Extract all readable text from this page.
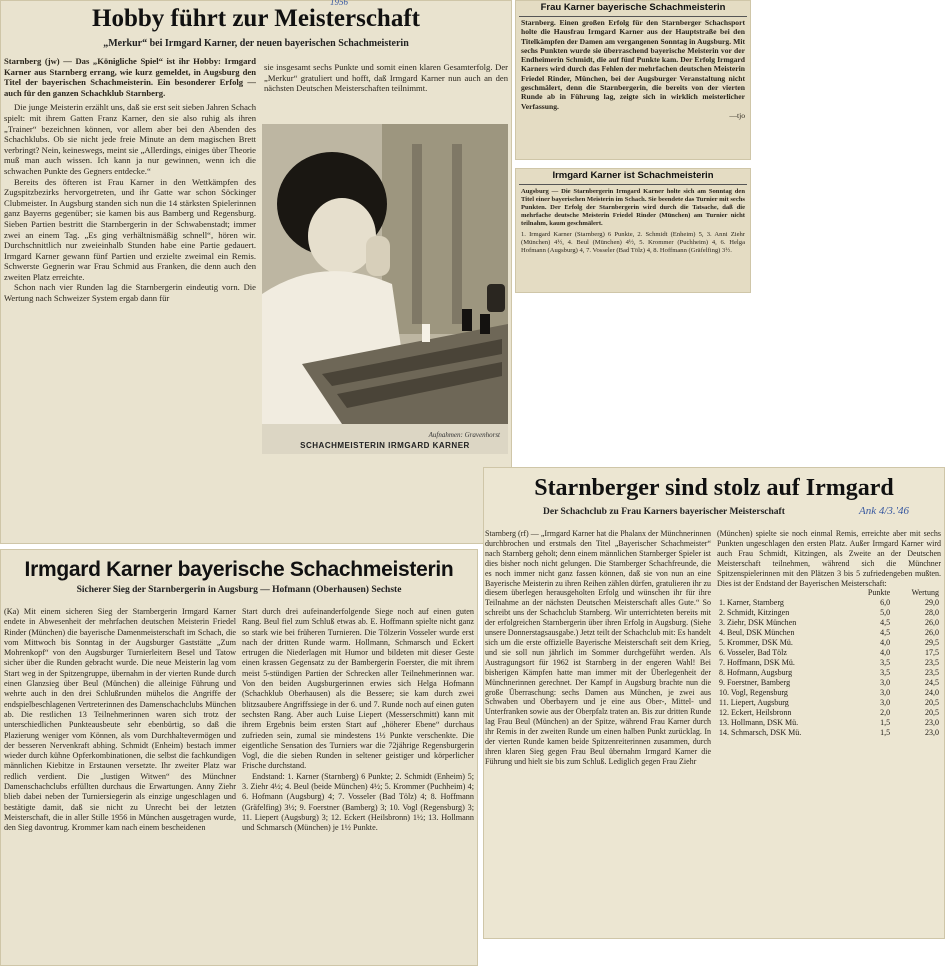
Hobby führt zur Meisterschaft

1956

„Merkur“ bei Irmgard Karner, der neuen bayerischen Schachmeisterin

Starnberg (jw) — Das „Königliche Spiel“ ist ihr Hobby: Irmgard Karner aus Starnberg errang, wie kurz gemeldet, in Augsburg den Titel der bayerischen Schachmeisterin. Ein besonderer Erfolg — auch für den ganzen Schachklub Starnberg.

Die junge Meisterin erzählt uns, daß sie erst seit sieben Jahren Schach spielt: mit ihrem Gatten Franz Karner, den sie also ruhig als ihren „Trainer“ bezeichnen können, vor allem aber bei den Abenden des Schachklubs. Ob sie nicht jede freie Minute an dem magischen Brett verbringt? Nein, keineswegs, meint sie „Allerdings, einiges über Theorie muß man auch wissen. Ich kann ja nur gewinnen, wenn ich die schwachen Punkte des Gegners entdecke.“

Bereits des öfteren ist Frau Karner in den Wettkämpfen des Zugspitzbezirks hervorgetreten, und ihr Gatte war schon Söckinger Clubmeister. In Augsburg standen sich nun die 14 stärksten Spielerinnen ganz Bayerns gegenüber; sie kamen bis aus Bamberg und Regensburg. Sieben Partien bestritt die Starnbergerin in der Schwabenstadt; immer zwei an einem Tag. „Es ging verhältnismäßig schnell“, hören wir. Durchschnittlich nur zweieinhalb Stunden habe eine Partie gedauert. Irmgard Karner gewann fünf Partien und erzielte zweimal ein Remis. Schwerste Gegnerin war Frau Schmid aus Franken, die denn auch den zweiten Platz erreichte.

Schon nach vier Runden lag die Starnbergerin eindeutig vorn. Die Wertung nach Schweizer System ergab dann für

sie insgesamt sechs Punkte und somit einen klaren Gesamterfolg. Der „Merkur“ gratuliert und hofft, daß Irmgard Karner nun auch an den nächsten Deutschen Meisterschaften teilnimmt.

Aufnahmen: Gravenhorst
SCHACHMEISTERIN IRMGARD KARNER

Frau Karner bayerische Schachmeisterin

Starnberg. Einen großen Erfolg für den Starnberger Schachsport holte die Hausfrau Irmgard Karner aus der Hauptstraße bei den Titelkämpfen der Damen am vergangenen Sonntag in Augsburg. Mit sechs Punkten wurde sie überraschend bayerische Meisterin vor der Endheimerin Schmidt, die auf fünf Punkte kam. Der Erfolg Irmgard Karners wird durch das Fehlen der mehrfachen deutschen Meisterin Friedel Rinder, München, bei der Augsburger Veranstaltung nicht geschmälert, denn die Starnbergerin, die bereits von der vierten Runde ab in Führung lag, zeigte sich in wirklich meisterlicher Verfassung.

—tjo

Irmgard Karner ist Schachmeisterin

Augsburg — Die Starnbergerin Irmgard Karner holte sich am Sonntag den Titel einer bayerischen Meisterin im Schach. Sie beendete das Turnier mit sechs Punkten. Der Erfolg der Starnbergerin wird durch die Tatsache, daß die mehrfache deutsche Meisterin Friedel Rinder (München) am Turnier nicht teilnahm, kaum geschmälert.

1. Irmgard Karner (Starnberg) 6 Punkte, 2. Schmidt (Enheim) 5, 3. Anni Ziehr (München) 4½, 4. Beul (München) 4½, 5. Krommer (Puchheim) 4, 6. Helga Hofmann (Augsburg) 4, 7. Vosseler (Bad Tölz) 4, 8. Hoffmann (Gräfelfing) 3½.

Irmgard Karner bayerische Schachmeisterin

Sicherer Sieg der Starnbergerin in Augsburg — Hofmann (Oberhausen) Sechste

(Ka) Mit einem sicheren Sieg der Starnbergerin Irmgard Karner endete in Abwesenheit der mehrfachen deutschen Meisterin Friedel Rinder (München) die bayerische Damenmeisterschaft im Schach, die vom Mittwoch bis Sonntag in der Augsburger Gaststätte „Zum Mohrenkopf“ von den Augsburger Turnierleitern Besel und Tatow sicher über die Runden gebracht wurde. Die neue Meisterin lag vom Start weg in der Spitzengruppe, übernahm in der vierten Runde durch einen Glanzsieg über Beul (München) die alleinige Führung und wehrte auch in den drei Schlußrunden mühelos die Angriffe der endspielbeschlagenen Vertreterinnen des Damenschachclubs München ab. Die restlichen 13 Teilnehmerinnen waren sich trotz der unterschiedlichen Punkteausbeute sehr ebenbürtig, so daß die Plazierung weniger vom Können, als vom Durchhaltevermögen und der besseren Nervenkraft abhing. Schmidt (Enheim) bestach immer wieder durch kühne Opferkombinationen, die selbst die fachkundigen männlichen Kiebitze in Erstaunen versetzte. Ihr zweiter Platz war redlich verdient. Die „lustigen Witwen“ des Münchner Damenschachclubs erfüllten durchaus die Erwartungen. Anny Ziehr blieb dabei neben der Turniersiegerin als einzige ungeschlagen und bestätigte damit, daß sie nicht zu Unrecht bei der letzten Meisterschaft, die in aller Stille 1956 in München ausgetragen wurde, den Sieg davontrug. Krommer kam nach einem bescheidenen

Start durch drei aufeinanderfolgende Siege noch auf einen guten Rang. Beul fiel zum Schluß etwas ab. E. Hoffmann spielte nicht ganz so stark wie bei früheren Turnieren. Die Tölzerin Vosseler wurde erst nach der dritten Runde warm. Hollmann, Schmarsch und Eckert ertrugen die Niederlagen mit Humor und bildeten mit dieser Geste einen krassen Gegensatz zu der Bambergerin Foerster, die mit ihrem meist 5-stündigen Partien der Schrecken aller Teilnehmerinnen war. Von den beiden Augsburgerinnen erwies sich Helga Hofmann (Schachklub Oberhausen) als die Bessere; sie kam durch zwei blitzsaubere Angriffssiege in der 6. und 7. Runde noch auf einen guten sechsten Rang. Aber auch Luise Liepert (Messerschmitt) kann mit ihrem Ergebnis beim ersten Start auf „höherer Ebene“ durchaus zufrieden sein, zumal sie mindestens 1½ Punkte verschenkte. Die eigentliche Sensation des Turniers war die 72jährige Regensburgerin Vogl, die die sieben Runden in seltener geistiger und körperlicher Frische durchstand.

Endstand: 1. Karner (Starnberg) 6 Punkte; 2. Schmidt (Enheim) 5; 3. Ziehr 4½; 4. Beul (beide München) 4½; 5. Krommer (Puchheim) 4; 6. Hofmann (Augsburg) 4; 7. Vosseler (Bad Tölz) 4; 8. Hoffmann (Gräfelfing) 3½; 9. Foerstner (Bamberg) 3; 10. Vogl (Regensburg) 3; 11. Liepert (Augsburg) 3; 12. Eckert (Heilsbronn) 1½; 13. Hollmann und Schmarsch (München) je 1½ Punkte.

Starnberger sind stolz auf Irmgard

Der Schachclub zu Frau Karners bayerischer Meisterschaft	Ank 4/3.'46

Starnberg (rf) — „Irmgard Karner hat die Phalanx der Münchnerinnen durchbrochen und erstmals den Titel „Bayerischer Schachmeister“ nach Starnberg geholt; denn einem männlichen Starnberger Spieler ist dies bisher noch nicht gelungen. Die Starnberger Schachfreunde, die es noch immer nicht ganz fassen können, daß sie von nun an eine Bayerische Meisterin zu ihren Reihen zählen dürfen, gratulieren ihr zu diesem überlegen herausgeholten Erfolg und wünschen ihr für ihre Teilnahme an der nächsten Deutschen Meisterschaft alles Gute.“ So schreibt uns der Schachclub Starnberg. Wir unterrichteten bereits mit der erfolgreichen Starnbergerin über ihren Erfolg in Augsburg. (Siehe unsere Donnerstagsausgabe.) Jetzt teilt der Schachclub mit: Es handelt sich um die erste offizielle Bayerische Meisterschaft seit dem Krieg, und sie soll nun jährlich im Sommer durchgeführt werden. Als Austragungsort für 1962 ist Starnberg in der engeren Wahl! Bei bisherigen Kämpfen hatte man immer mit der Überlegenheit der Münchnerinnen gerechnet. Der Kampf in Augsburg brachte nun die große Überraschung: sechs Damen aus München, je zwei aus Schwaben und Oberbayern und je eine aus Ober-, Mittel- und Unterfranken sowie aus der Oberpfalz traten an. Bis zur dritten Runde lag Frau Beul (München) an der Spitze, während Frau Karner durch ihr Remis in der zweiten Runde um einen halben Punkt zurücklag. In der vierten Runde kamen beide Spitzenreiterinnen zusammen, durch ihren klaren Sieg gegen Frau Beul übernahm Irmgard Karner die Führung und hielt sie bis zum Schluß. Lediglich gegen Frau Ziehr

(München) spielte sie noch einmal Remis, erreichte aber mit sechs Punkten ungeschlagen den ersten Platz. Außer Irmgard Karner wird auch Frau Schmidt, Kitzingen, als Zweite an der Deutschen Meisterschaft teilnehmen, während sich die Münchner Spitzenspielerinnen mit den Plätzen 3 bis 5 zufriedengeben mußten. Dies ist der Endstand der Bayerischen Meisterschaft:

	Punkte	Wertung
1. Karner, Starnberg	6,0	29,0
2. Schmidt, Kitzingen	5,0	28,0
3. Ziehr, DSK München	4,5	26,0
4. Beul, DSK München	4,5	26,0
5. Krommer, DSK Mü.	4,0	29,5
6. Vosseler, Bad Tölz	4,0	17,5
7. Hoffmann, DSK Mü.	3,5	23,5
8. Hofmann, Augsburg	3,5	23,5
9. Foerstner, Bamberg	3,0	24,5
10. Vogl, Regensburg	3,0	24,0
11. Liepert, Augsburg	3,0	20,5
12. Eckert, Heilsbronn	2,0	20,5
13. Hollmann, DSK Mü.	1,5	23,0
14. Schmarsch, DSK Mü.	1,5	23,0
